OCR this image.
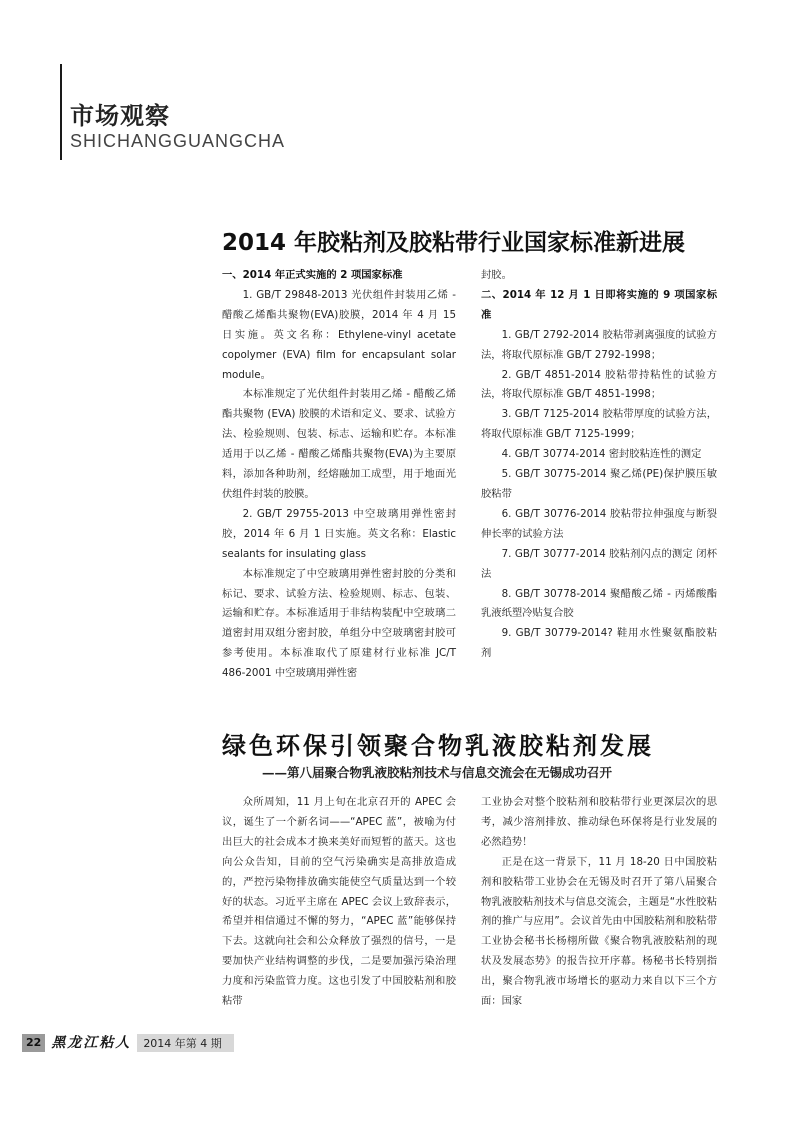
市场观察
SHICHANGGUANGCHA
2014 年胶粘剂及胶粘带行业国家标准新进展

一、2014 年正式实施的 2 项国家标准

1. GB/T 29848-2013 光伏组件封装用乙烯 - 醋酸乙烯酯共聚物(EVA)胶膜，2014 年 4 月 15 日实施。英文名称：Ethylene-vinyl acetate copolymer (EVA) film for encapsulant solar module。

本标准规定了光伏组件封装用乙烯 - 醋酸乙烯酯共聚物 (EVA) 胶膜的术语和定义、要求、试验方法、检验规则、包装、标志、运输和贮存。本标准适用于以乙烯 - 醋酸乙烯酯共聚物(EVA)为主要原料，添加各种助剂，经熔融加工成型，用于地面光伏组件封装的胶膜。

2. GB/T 29755-2013 中空玻璃用弹性密封胶，2014 年 6 月 1 日实施。英文名称：Elastic sealants for insulating glass

本标准规定了中空玻璃用弹性密封胶的分类和标记、要求、试验方法、检验规则、标志、包装、运输和贮存。本标准适用于非结构装配中空玻璃二道密封用双组分密封胶，单组分中空玻璃密封胶可参考使用。本标准取代了原建材行业标准 JC/T 486-2001 中空玻璃用弹性密

封胶。

二、2014 年 12 月 1 日即将实施的 9 项国家标准

1. GB/T 2792-2014 胶粘带剥离强度的试验方法，将取代原标准 GB/T 2792-1998；

2. GB/T 4851-2014 胶粘带持粘性的试验方法，将取代原标准 GB/T 4851-1998；

3. GB/T 7125-2014 胶粘带厚度的试验方法，将取代原标准 GB/T 7125-1999；

4. GB/T 30774-2014 密封胶粘连性的测定

5. GB/T 30775-2014 聚乙烯(PE)保护膜压敏胶粘带

6. GB/T 30776-2014 胶粘带拉伸强度与断裂伸长率的试验方法

7. GB/T 30777-2014 胶粘剂闪点的测定 闭杯法

8. GB/T 30778-2014 聚醋酸乙烯 - 丙烯酸酯乳液纸塑冷贴复合胶

9. GB/T 30779-2014? 鞋用水性聚氨酯胶粘剂

绿色环保引领聚合物乳液胶粘剂发展
——第八届聚合物乳液胶粘剂技术与信息交流会在无锡成功召开

众所周知，11 月上旬在北京召开的 APEC 会议，诞生了一个新名词——“APEC 蓝”，被喻为付出巨大的社会成本才换来美好而短暂的蓝天。这也向公众告知，目前的空气污染确实是高排放造成的，严控污染物排放确实能使空气质量达到一个较好的状态。习近平主席在 APEC 会议上致辞表示，希望并相信通过不懈的努力，“APEC 蓝”能够保持下去。这就向社会和公众释放了强烈的信号，一是要加快产业结构调整的步伐，二是要加强污染治理力度和污染监管力度。这也引发了中国胶粘剂和胶粘带

工业协会对整个胶粘剂和胶粘带行业更深层次的思考，减少溶剂排放、推动绿色环保将是行业发展的必然趋势！

正是在这一背景下，11 月 18-20 日中国胶粘剂和胶粘带工业协会在无锡及时召开了第八届聚合物乳液胶粘剂技术与信息交流会，主题是“水性胶粘剂的推广与应用”。会议首先由中国胶粘剂和胶粘带工业协会秘书长杨栩所做《聚合物乳液胶粘剂的现状及发展态势》的报告拉开序幕。杨秘书长特别指出，聚合物乳液市场增长的驱动力来自以下三个方面：国家

22 黑龙江粘人	2014 年第 4 期
